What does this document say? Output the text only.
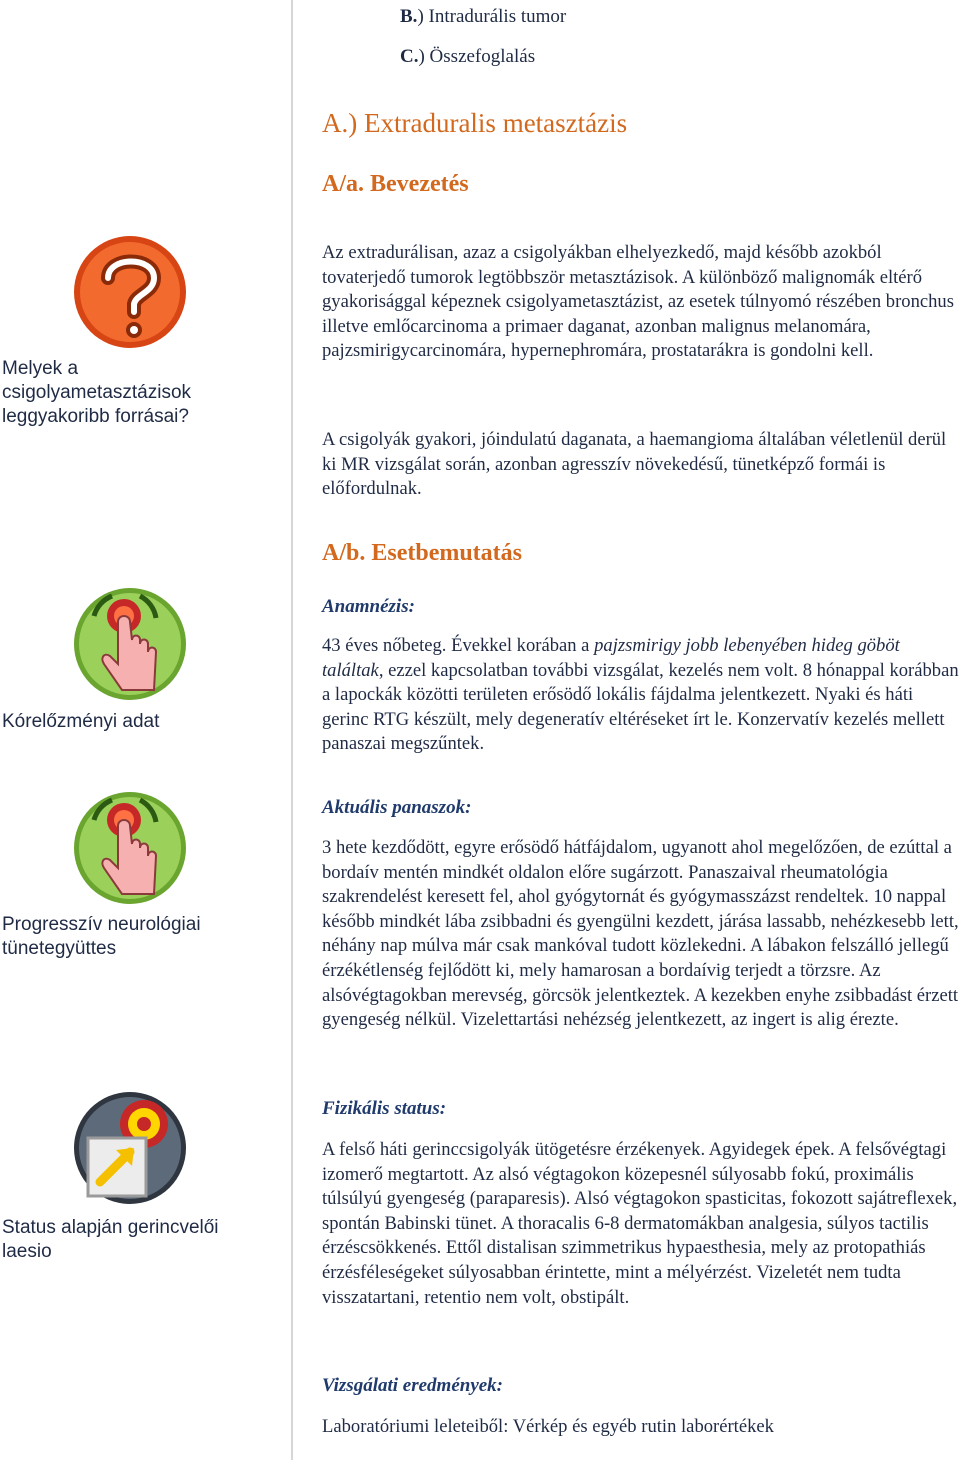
B.) Intradurális tumor
C.) Összefoglalás
A.) Extraduralis metasztázis
A/a. Bevezetés

Az extradurálisan, azaz a csigolyákban elhelyezkedő, majd később azokból tovaterjedő tumorok legtöbbször metasztázisok. A különböző malignomák eltérő gyakorisággal képeznek csigolyametasztázist, az esetek túlnyomó részében bronchus illetve emlőcarcinoma a primaer daganat, azonban malignus melanomára, pajzsmirigycarcinomára, hypernephromára, prostatarákra is gondolni kell.

A csigolyák gyakori, jóindulatú daganata, a haemangioma általában véletlenül derül ki MR vizsgálat során, azonban agresszív növekedésű, tünetképző formái is előfordulnak.

A/b. Esetbemutatás
Anamnézis:

43 éves nőbeteg. Évekkel korában a pajzsmirigy jobb lebenyében hideg göböt találtak, ezzel kapcsolatban további vizsgálat, kezelés nem volt. 8 hónappal korábban a lapockák közötti területen erősödő lokális fájdalma jelentkezett. Nyaki és háti gerinc RTG készült, mely degeneratív eltéréseket írt le. Konzervatív kezelés mellett panaszai megszűntek.

Aktuális panaszok:

3 hete kezdődött, egyre erősödő hátfájdalom, ugyanott ahol megelőzően, de ezúttal a bordaív mentén mindkét oldalon előre sugárzott. Panaszaival rheumatológia szakrendelést keresett fel, ahol gyógytornát és gyógymasszázst rendeltek. 10 nappal később mindkét lába zsibbadni és gyengülni kezdett, járása lassabb, nehézkesebb lett, néhány nap múlva már csak mankóval tudott közlekedni. A lábakon felszálló jellegű érzékétlenség fejlődött ki, mely hamarosan a bordaívig terjedt a törzsre. Az alsóvégtagokban merevség, görcsök jelentkeztek. A kezekben enyhe zsibbadást érzett gyengeség nélkül. Vizelettartási nehézség jelentkezett, az ingert is alig érezte.

Fizikális status:

A felső háti gerinccsigolyák ütögetésre érzékenyek. Agyidegek épek. A felsővégtagi izomerő megtartott. Az alsó végtagokon közepesnél súlyosabb fokú, proximális túlsúlyú gyengeség (paraparesis). Alsó végtagokon spasticitas, fokozott sajátreflexek, spontán Babinski tünet. A thoracalis 6-8 dermatomákban analgesia, súlyos tactilis érzéscsökkenés. Ettől distalisan szimmetrikus hypaesthesia, mely az protopathiás érzésféleségeket súlyosabban érintette, mint a mélyérzést. Vizeletét nem tudta visszatartani, retentio nem volt, obstipált.

Vizsgálati eredmények:

Laboratóriumi leleteiből: Vérkép és egyéb rutin laborértékek

Melyek a csigolyametasztázisok leggyakoribb forrásai?

Kórelőzményi adat

Progresszív neurológiai tünetegyüttes

Status alapján gerincvelői laesio
